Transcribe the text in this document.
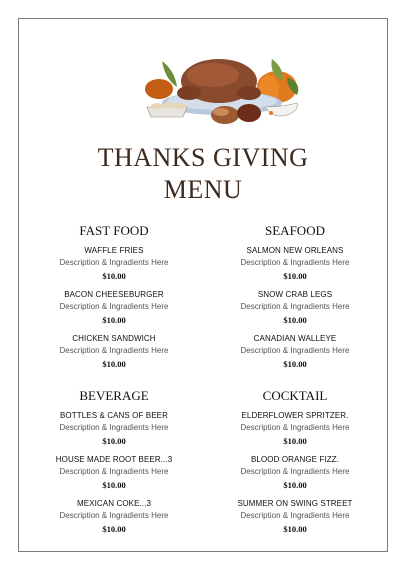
THANKS GIVING
MENU
FAST FOOD
WAFFLE FRIES
Description & Ingradients Here
$10.00
BACON CHEESEBURGER
Description & Ingradients Here
$10.00
CHICKEN SANDWICH
Description & Ingradients Here
$10.00
SEAFOOD
SALMON NEW ORLEANS
Description & Ingradients Here
$10.00
SNOW CRAB LEGS
Description & Ingradients Here
$10.00
CANADIAN WALLEYE
Description & Ingradients Here
$10.00
BEVERAGE
BOTTLES & CANS OF BEER
Description & Ingradients Here
$10.00
HOUSE MADE ROOT BEER...3
Description & Ingradients Here
$10.00
MEXICAN COKE...3
Description & Ingradients Here
$10.00
COCKTAIL
ELDERFLOWER SPRITZER.
Description & Ingradients Here
$10.00
BLOOD ORANGE FIZZ.
Description & Ingradients Here
$10.00
SUMMER ON SWING STREET
Description & Ingradients Here
$10.00
